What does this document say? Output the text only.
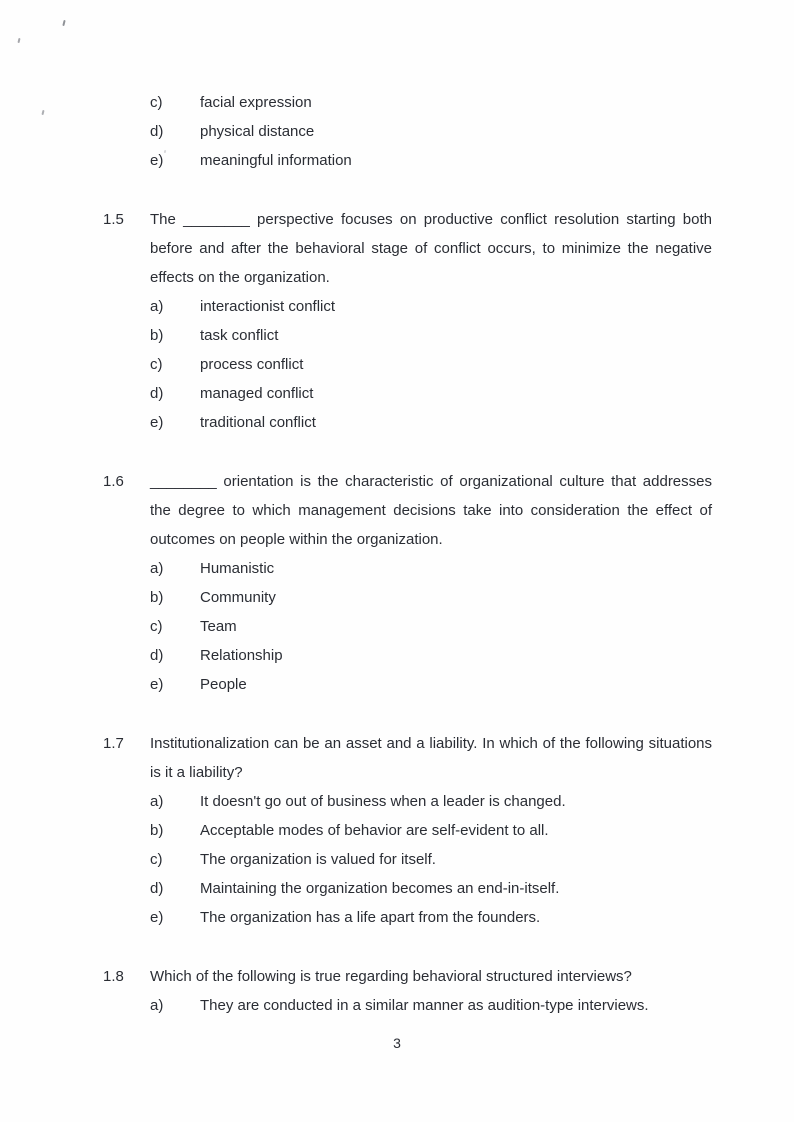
c)	facial expression
d)	physical distance
e)	meaningful information
1.5	The ________ perspective focuses on productive conflict resolution starting both before and after the behavioral stage of conflict occurs, to minimize the negative effects on the organization.
a)	interactionist conflict
b)	task conflict
c)	process conflict
d)	managed conflict
e)	traditional conflict
1.6	________ orientation is the characteristic of organizational culture that addresses the degree to which management decisions take into consideration the effect of outcomes on people within the organization.
a)	Humanistic
b)	Community
c)	Team
d)	Relationship
e)	People
1.7	Institutionalization can be an asset and a liability. In which of the following situations is it a liability?
a)	It doesn't go out of business when a leader is changed.
b)	Acceptable modes of behavior are self-evident to all.
c)	The organization is valued for itself.
d)	Maintaining the organization becomes an end-in-itself.
e)	The organization has a life apart from the founders.
1.8	Which of the following is true regarding behavioral structured interviews?
a)	They are conducted in a similar manner as audition-type interviews.
3
